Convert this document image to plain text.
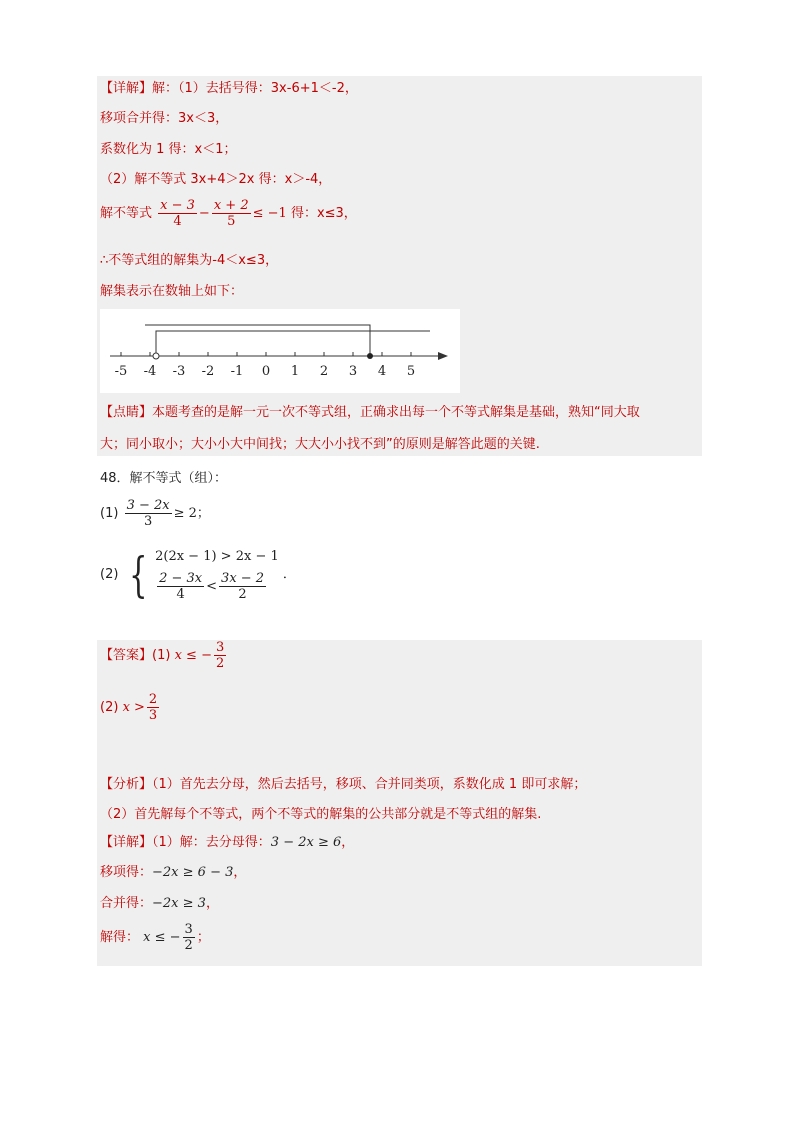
【详解】解：（1）去括号得：3x-6+1＜-2，
移项合并得：3x＜3，
系数化为 1 得：x＜1；
（2）解不等式 3x+4＞2x 得：x＞-4，
解不等式 $\frac{x - 3}{4} - \frac{x + 2}{5} \le -1$ 得：x≤3，
∴不等式组的解集为-4＜x≤3，
解集表示在数轴上如下：
-5 -4 -3 -2 -1 0 1 2 3 4 5
【点睛】本题考查的是解一元一次不等式组，正确求出每一个不等式解集是基础，熟知“同大取
大；同小取小；大小小大中间找；大大小小找不到”的原则是解答此题的关键.
48．解不等式（组）：
$(1) \frac{3 - 2x}{3} \ge 2$；
(2) { 2(2x − 1) > 2x − 1
$\frac{2 - 3x}{4} < \frac{3x - 2}{2}$ ．
【答案】(1) x ≤ − $\frac{3}{2}$
(2) $x > \frac{2}{3}$
【分析】（1）首先去分母，然后去括号，移项、合并同类项，系数化成 1 即可求解；
（2）首先解每个不等式，两个不等式的解集的公共部分就是不等式组的解集.
【详解】（1）解：去分母得：3 − 2x ≥ 6，
移项得：−2x ≥ 6 − 3，
合并得：−2x ≥ 3，
解得： x ≤ − $\frac{3}{2}$ ；
